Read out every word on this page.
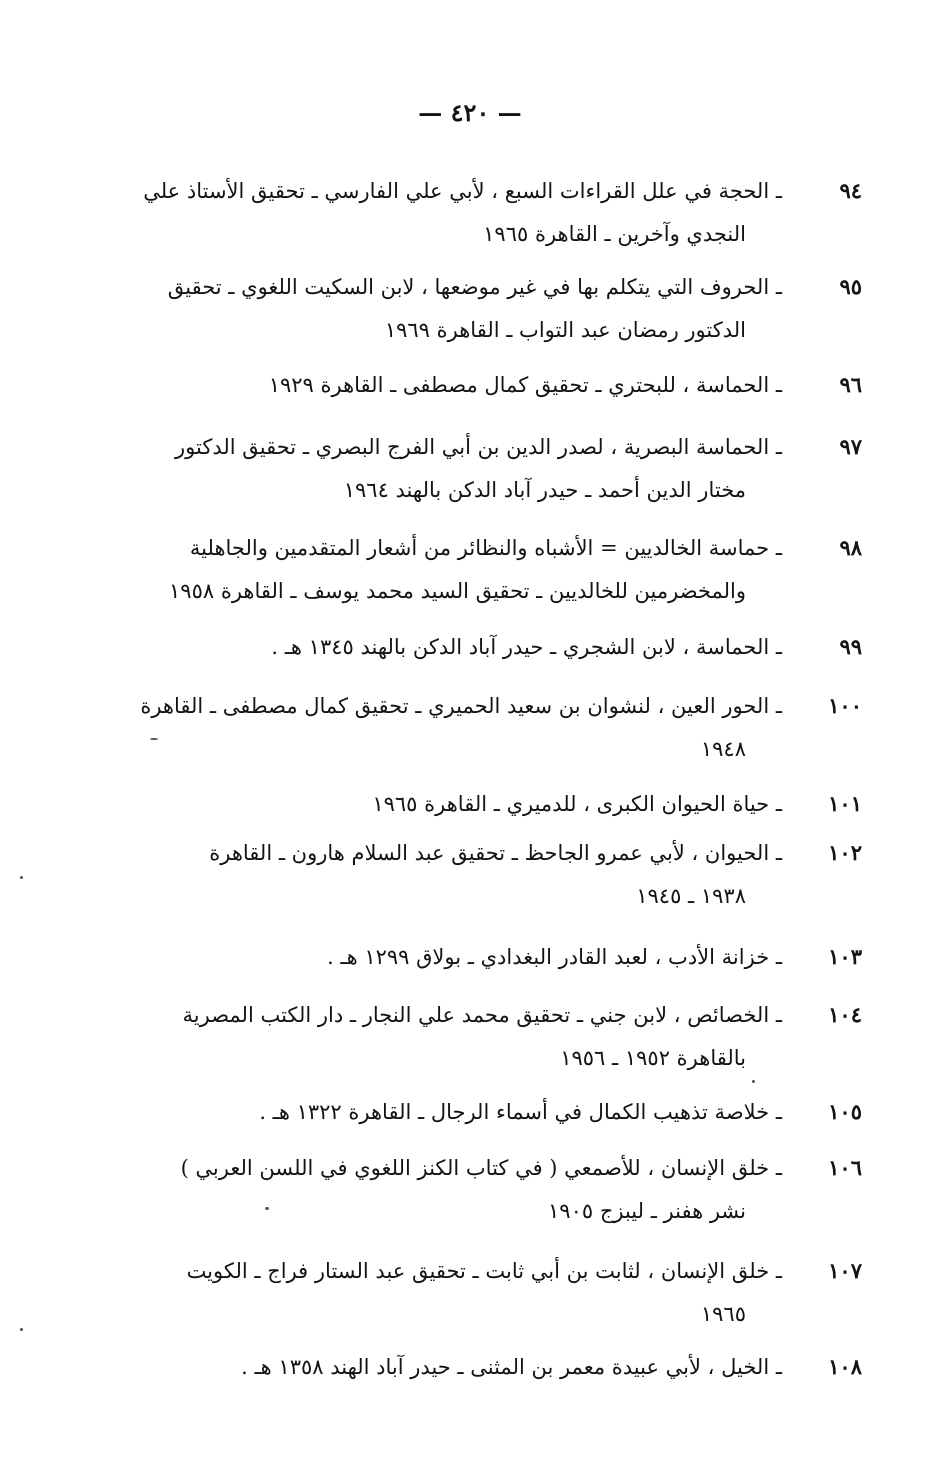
— ٤٢٠ —
٩٤
ـ الحجة في علل القراءات السبع ، لأبي علي الفارسي ـ تحقيق الأستاذ علي
النجدي وآخرين ـ القاهرة ١٩٦٥
٩٥
ـ الحروف التي يتكلم بها في غير موضعها ، لابن السكيت اللغوي ـ تحقيق
الدكتور رمضان عبد التواب ـ القاهرة ١٩٦٩
٩٦
ـ الحماسة ، للبحتري ـ تحقيق كمال مصطفى ـ القاهرة ١٩٢٩
٩٧
ـ الحماسة البصرية ، لصدر الدين بن أبي الفرج البصري ـ تحقيق الدكتور
مختار الدين أحمد ـ حيدر آباد الدكن بالهند ١٩٦٤
٩٨
ـ حماسة الخالديين = الأشباه والنظائر من أشعار المتقدمين والجاهلية
والمخضرمين للخالديين ـ تحقيق السيد محمد يوسف ـ القاهرة ١٩٥٨
٩٩
ـ الحماسة ، لابن الشجري ـ حيدر آباد الدكن بالهند ١٣٤٥ هـ .
١٠٠
ـ الحور العين ، لنشوان بن سعيد الحميري ـ تحقيق كمال مصطفى ـ القاهرة
١٩٤٨
١٠١
ـ حياة الحيوان الكبرى ، للدميري ـ القاهرة ١٩٦٥
١٠٢
ـ الحيوان ، لأبي عمرو الجاحظ ـ تحقيق عبد السلام هارون ـ القاهرة
١٩٣٨ ـ ١٩٤٥
١٠٣
ـ خزانة الأدب ، لعبد القادر البغدادي ـ بولاق ١٢٩٩ هـ .
١٠٤
ـ الخصائص ، لابن جني ـ تحقيق محمد علي النجار ـ دار الكتب المصرية
بالقاهرة ١٩٥٢ ـ ١٩٥٦
١٠٥
ـ خلاصة تذهيب الكمال في أسماء الرجال ـ القاهرة ١٣٢٢ هـ .
١٠٦
ـ خلق الإنسان ، للأصمعي ( في كتاب الكنز اللغوي في اللسن العربي )
نشر هفنر ـ ليبزج ١٩٠٥
١٠٧
ـ خلق الإنسان ، لثابت بن أبي ثابت ـ تحقيق عبد الستار فراج ـ الكويت
١٩٦٥
١٠٨
ـ الخيل ، لأبي عبيدة معمر بن المثنى ـ حيدر آباد الهند ١٣٥٨ هـ .
